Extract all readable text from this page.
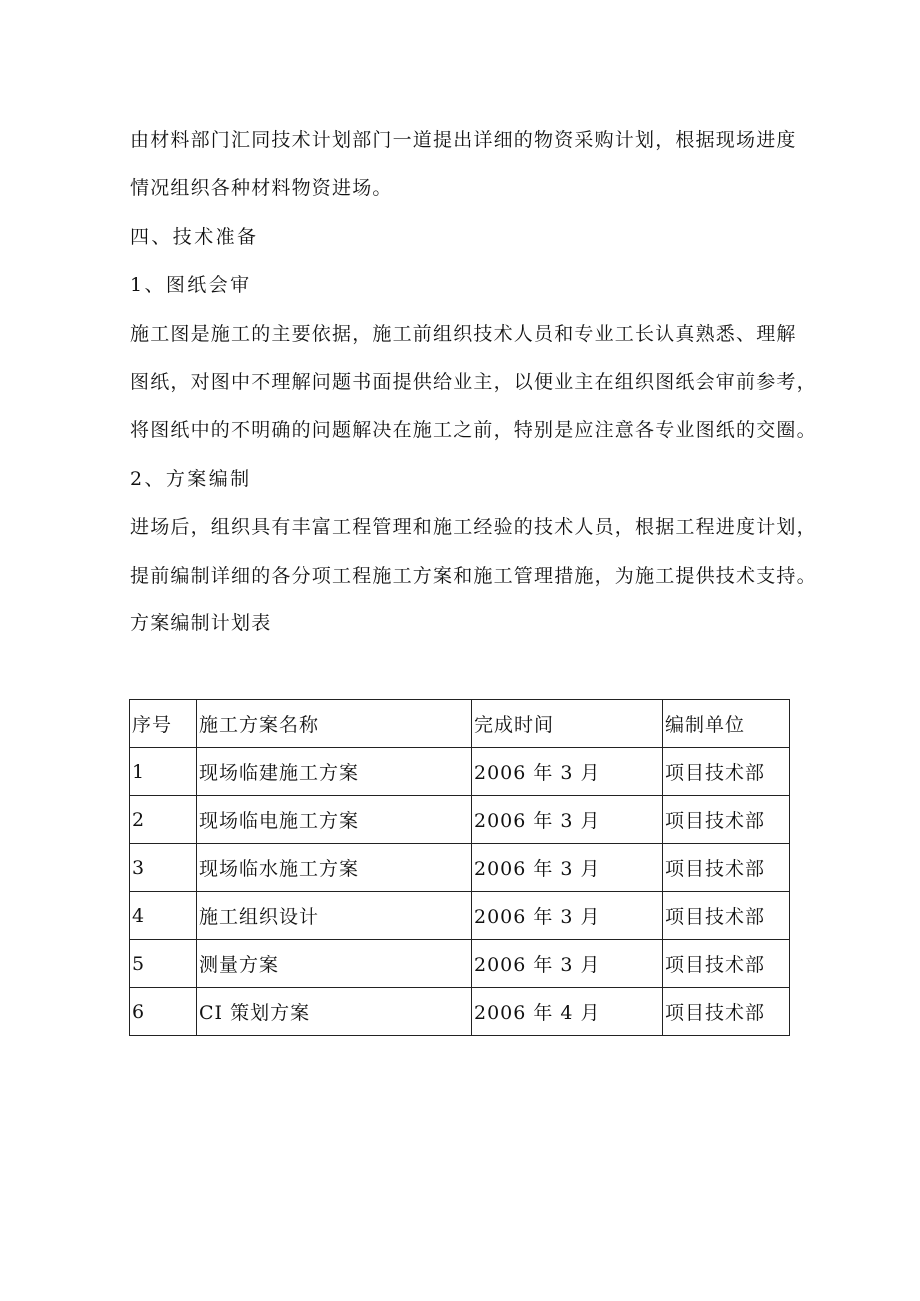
由材料部门汇同技术计划部门一道提出详细的物资采购计划，根据现场进度
情况组织各种材料物资进场。
四、技术准备
1、图纸会审
施工图是施工的主要依据，施工前组织技术人员和专业工长认真熟悉、理解
图纸，对图中不理解问题书面提供给业主，以便业主在组织图纸会审前参考，
将图纸中的不明确的问题解决在施工之前，特别是应注意各专业图纸的交圈。
2、方案编制
进场后，组织具有丰富工程管理和施工经验的技术人员，根据工程进度计划，
提前编制详细的各分项工程施工方案和施工管理措施，为施工提供技术支持。
方案编制计划表
序号	施工方案名称	完成时间	编制单位
1	现场临建施工方案	2006 年 3 月	项目技术部
2	现场临电施工方案	2006 年 3 月	项目技术部
3	现场临水施工方案	2006 年 3 月	项目技术部
4	施工组织设计	2006 年 3 月	项目技术部
5	测量方案	2006 年 3 月	项目技术部
6	CI 策划方案	2006 年 4 月	项目技术部
